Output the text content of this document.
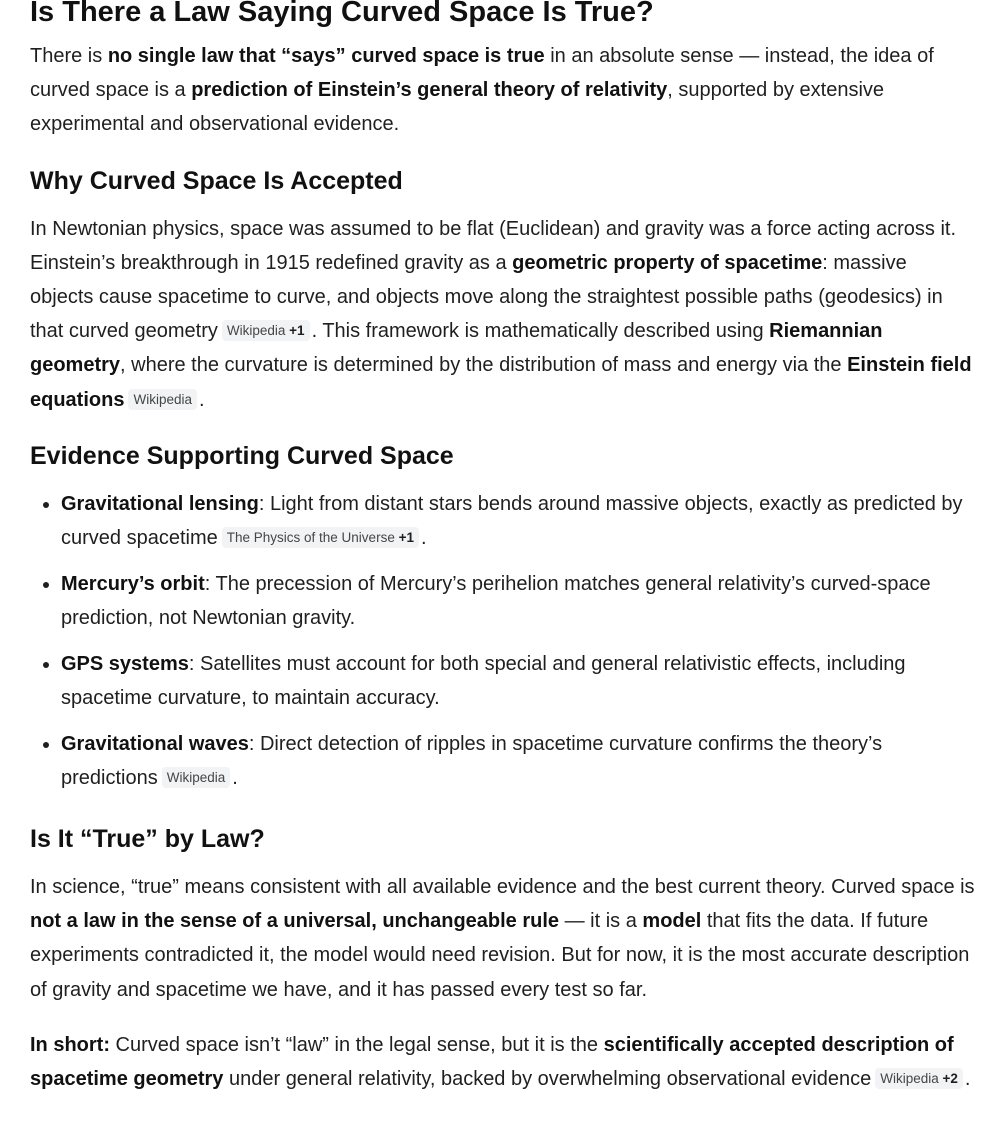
Is There a Law Saying Curved Space Is True?

There is no single law that “says” curved space is true in an absolute sense — instead, the idea of curved space is a prediction of Einstein’s general theory of relativity, supported by extensive experimental and observational evidence.

Why Curved Space Is Accepted

In Newtonian physics, space was assumed to be flat (Euclidean) and gravity was a force acting across it. Einstein’s breakthrough in 1915 redefined gravity as a geometric property of spacetime: massive objects cause spacetime to curve, and objects move along the straightest possible paths (geodesics) in that curved geometry Wikipedia +1 . This framework is mathematically described using Riemannian geometry, where the curvature is determined by the distribution of mass and energy via the Einstein field equations Wikipedia .

Evidence Supporting Curved Space
• Gravitational lensing: Light from distant stars bends around massive objects, exactly as predicted by curved spacetime The Physics of the Universe +1 .
• Mercury’s orbit: The precession of Mercury’s perihelion matches general relativity’s curved-space prediction, not Newtonian gravity.
• GPS systems: Satellites must account for both special and general relativistic effects, including spacetime curvature, to maintain accuracy.
• Gravitational waves: Direct detection of ripples in spacetime curvature confirms the theory’s predictions Wikipedia .
Is It “True” by Law?

In science, “true” means consistent with all available evidence and the best current theory. Curved space is not a law in the sense of a universal, unchangeable rule — it is a model that fits the data. If future experiments contradicted it, the model would need revision. But for now, it is the most accurate description of gravity and spacetime we have, and it has passed every test so far.

In short: Curved space isn’t “law” in the legal sense, but it is the scientifically accepted description of spacetime geometry under general relativity, backed by overwhelming observational evidence Wikipedia +2 .
